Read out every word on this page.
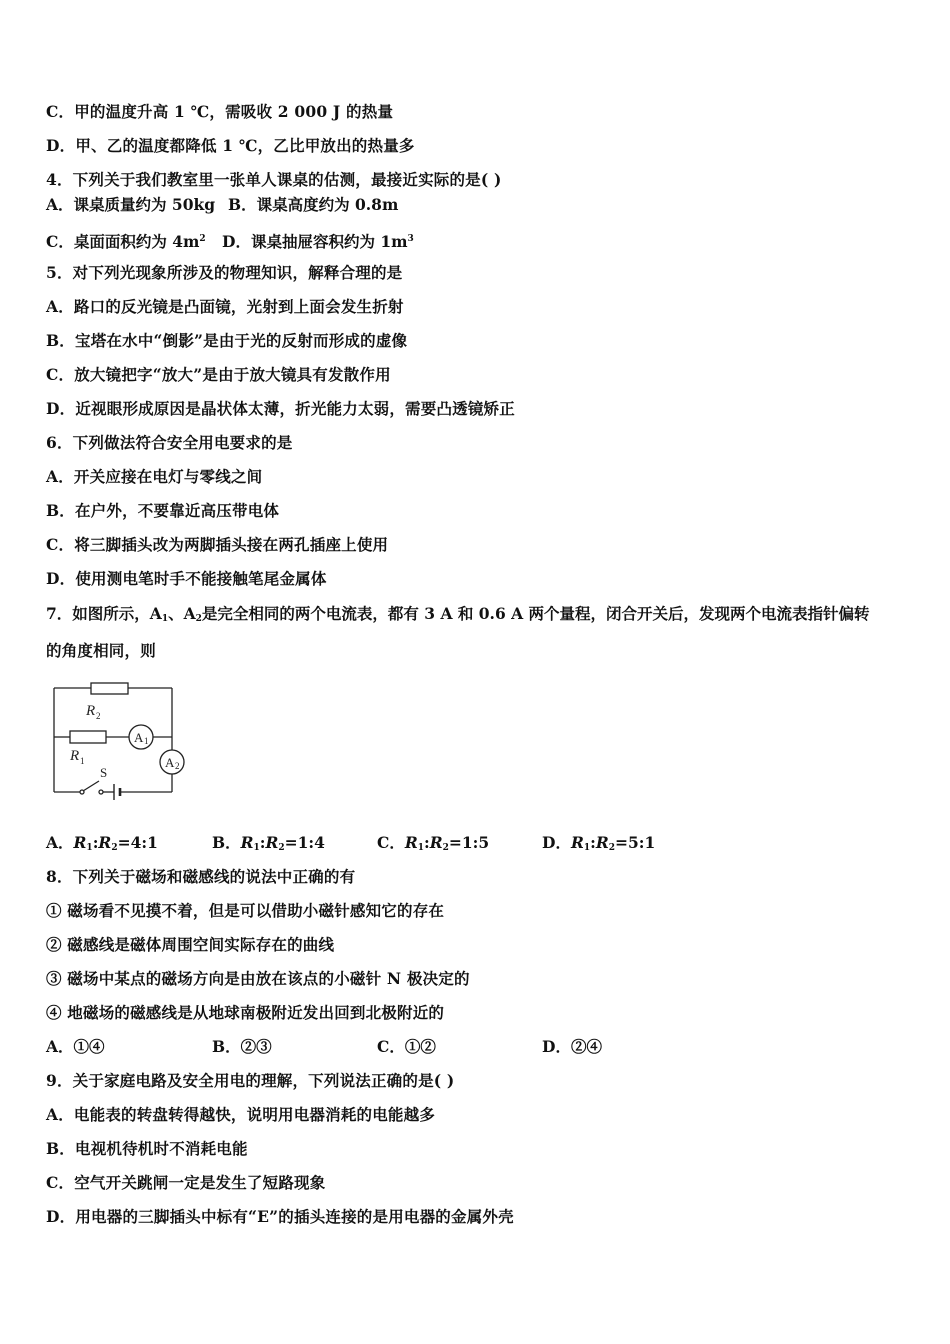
C．甲的温度升高 1 ℃，需吸收 2 000 J 的热量
D．甲、乙的温度都降低 1 ℃，乙比甲放出的热量多
4．下列关于我们教室里一张单人课桌的估测，最接近实际的是( )
A．课桌质量约为 50kg B．课桌高度约为 0.8m
C．桌面面积约为 $4m^2$ D．课桌抽屉容积约为 $1m^3$
5．对下列光现象所涉及的物理知识，解释合理的是
A．路口的反光镜是凸面镜，光射到上面会发生折射
B．宝塔在水中“倒影”是由于光的反射而形成的虚像
C．放大镜把字“放大”是由于放大镜具有发散作用
D．近视眼形成原因是晶状体太薄，折光能力太弱，需要凸透镜矫正
6．下列做法符合安全用电要求的是
A．开关应接在电灯与零线之间
B．在户外，不要靠近高压带电体
C．将三脚插头改为两脚插头接在两孔插座上使用
D．使用测电笔时手不能接触笔尾金属体
7．如图所示，$A_1$、$A_2$是完全相同的两个电流表，都有 3 A 和 0.6 A 两个量程，闭合开关后，发现两个电流表指针偏转
的角度相同，则
R
R
2
1
1
2
A
A
S
A．$R_1:R_2=4:1$	B．$R_1:R_2=1:4$	C．$R_1:R_2=1:5$	D．$R_1:R_2=5:1$
8．下列关于磁场和磁感线的说法中正确的有
① 磁场看不见摸不着，但是可以借助小磁针感知它的存在
② 磁感线是磁体周围空间实际存在的曲线
③ 磁场中某点的磁场方向是由放在该点的小磁针 N 极决定的
④ 地磁场的磁感线是从地球南极附近发出回到北极附近的
A．①④	B．②③	C．①②	D．②④
9．关于家庭电路及安全用电的理解，下列说法正确的是( )
A．电能表的转盘转得越快，说明用电器消耗的电能越多
B．电视机待机时不消耗电能
C．空气开关跳闸一定是发生了短路现象
D．用电器的三脚插头中标有“E”的插头连接的是用电器的金属外壳
